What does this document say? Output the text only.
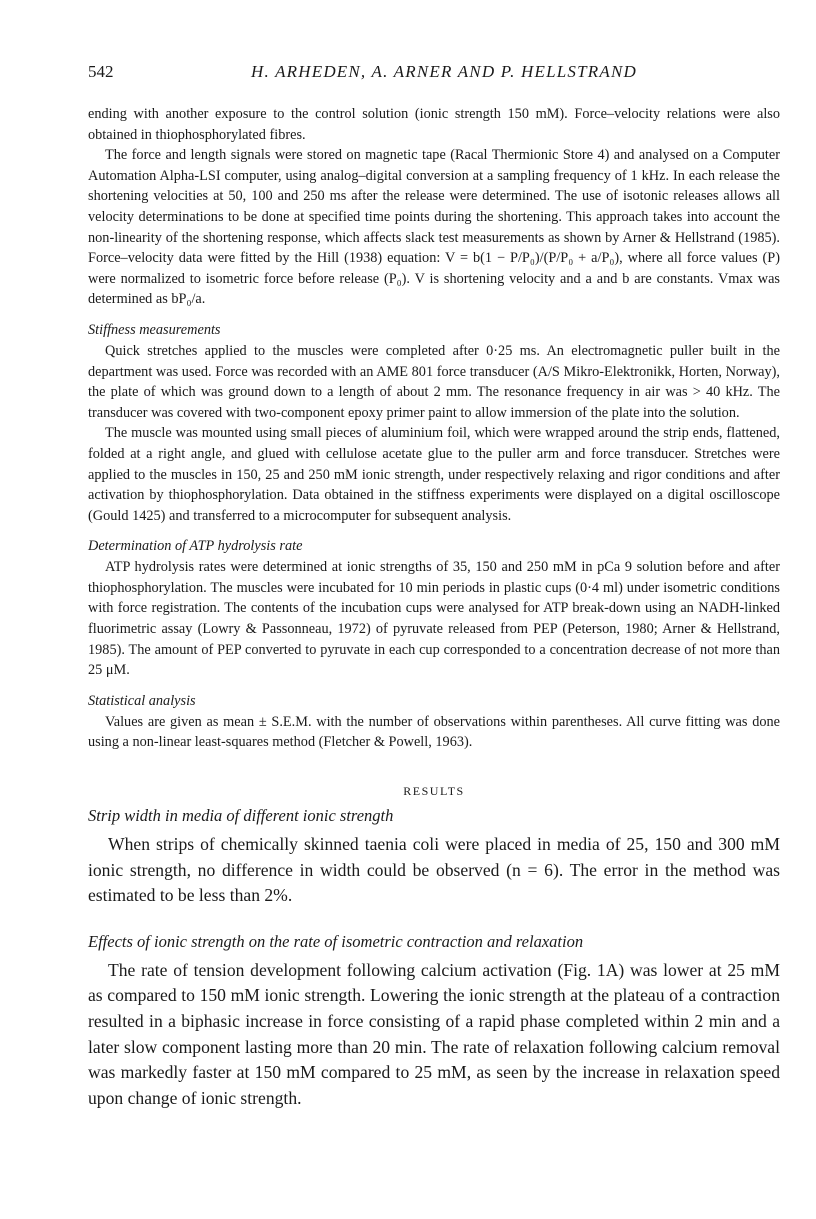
542	H. ARHEDEN, A. ARNER AND P. HELLSTRAND

ending with another exposure to the control solution (ionic strength 150 mM). Force–velocity relations were also obtained in thiophosphorylated fibres.

The force and length signals were stored on magnetic tape (Racal Thermionic Store 4) and analysed on a Computer Automation Alpha-LSI computer, using analog–digital conversion at a sampling frequency of 1 kHz. In each release the shortening velocities at 50, 100 and 250 ms after the release were determined. The use of isotonic releases allows all velocity determinations to be done at specified time points during the shortening. This approach takes into account the non-linearity of the shortening response, which affects slack test measurements as shown by Arner & Hellstrand (1985). Force–velocity data were fitted by the Hill (1938) equation: V = b(1 − P/P₀)/(P/P₀ + a/P₀), where all force values (P) were normalized to isometric force before release (P₀). V is shortening velocity and a and b are constants. Vmax was determined as bP₀/a.

Stiffness measurements

Quick stretches applied to the muscles were completed after 0·25 ms. An electromagnetic puller built in the department was used. Force was recorded with an AME 801 force transducer (A/S Mikro-Elektronikk, Horten, Norway), the plate of which was ground down to a length of about 2 mm. The resonance frequency in air was > 40 kHz. The transducer was covered with two-component epoxy primer paint to allow immersion of the plate into the solution.

The muscle was mounted using small pieces of aluminium foil, which were wrapped around the strip ends, flattened, folded at a right angle, and glued with cellulose acetate glue to the puller arm and force transducer. Stretches were applied to the muscles in 150, 25 and 250 mM ionic strength, under respectively relaxing and rigor conditions and after activation by thiophosphorylation. Data obtained in the stiffness experiments were displayed on a digital oscilloscope (Gould 1425) and transferred to a microcomputer for subsequent analysis.

Determination of ATP hydrolysis rate

ATP hydrolysis rates were determined at ionic strengths of 35, 150 and 250 mM in pCa 9 solution before and after thiophosphorylation. The muscles were incubated for 10 min periods in plastic cups (0·4 ml) under isometric conditions with force registration. The contents of the incubation cups were analysed for ATP break-down using an NADH-linked fluorimetric assay (Lowry & Passonneau, 1972) of pyruvate released from PEP (Peterson, 1980; Arner & Hellstrand, 1985). The amount of PEP converted to pyruvate in each cup corresponded to a concentration decrease of not more than 25 μM.

Statistical analysis

Values are given as mean ± S.E.M. with the number of observations within parentheses. All curve fitting was done using a non-linear least-squares method (Fletcher & Powell, 1963).

RESULTS
Strip width in media of different ionic strength

When strips of chemically skinned taenia coli were placed in media of 25, 150 and 300 mM ionic strength, no difference in width could be observed (n = 6). The error in the method was estimated to be less than 2%.

Effects of ionic strength on the rate of isometric contraction and relaxation

The rate of tension development following calcium activation (Fig. 1A) was lower at 25 mM as compared to 150 mM ionic strength. Lowering the ionic strength at the plateau of a contraction resulted in a biphasic increase in force consisting of a rapid phase completed within 2 min and a later slow component lasting more than 20 min. The rate of relaxation following calcium removal was markedly faster at 150 mM compared to 25 mM, as seen by the increase in relaxation speed upon change of ionic strength.
